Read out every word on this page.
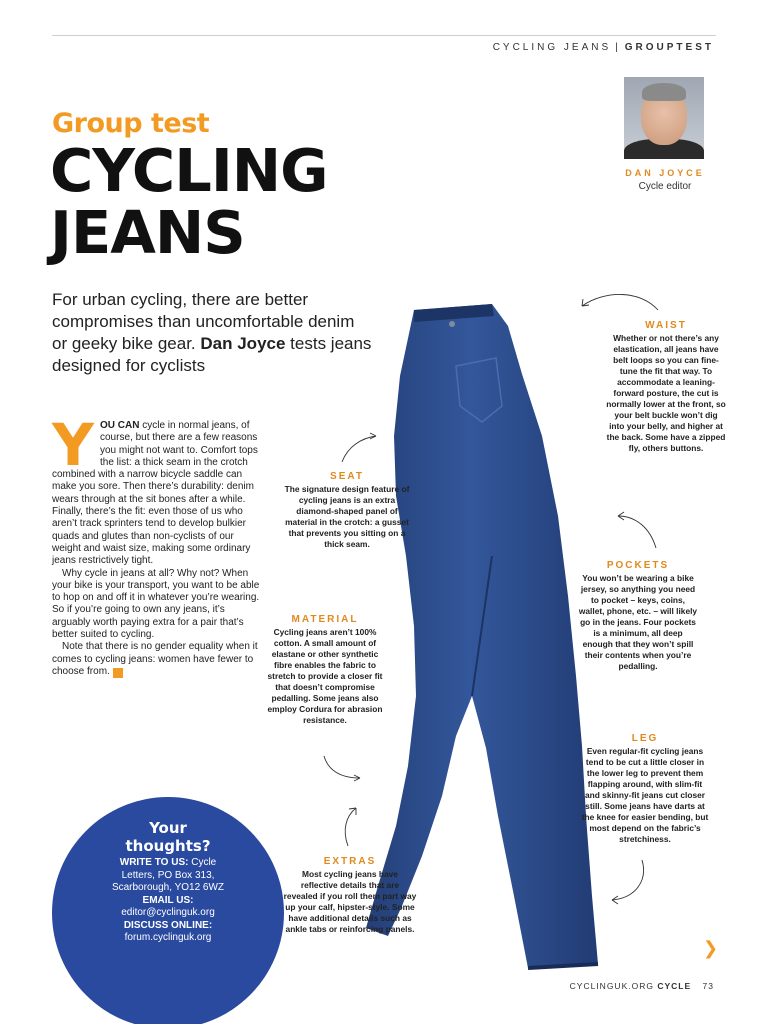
CYCLING JEANS | GROUPTEST
DAN JOYCE
Cycle editor
Group test
CYCLING
JEANS
For urban cycling, there are better compromises than uncomfortable denim or geeky bike gear. Dan Joyce tests jeans designed for cyclists

YOU CAN cycle in normal jeans, of course, but there are a few reasons you might not want to. Comfort tops the list: a thick seam in the crotch combined with a narrow bicycle saddle can make you sore. Then there’s durability: denim wears through at the sit bones after a while. Finally, there’s the fit: even those of us who aren’t track sprinters tend to develop bulkier quads and glutes than non-cyclists of our weight and waist size, making some ordinary jeans restrictively tight.

Why cycle in jeans at all? Why not? When your bike is your transport, you want to be able to hop on and off it in whatever you’re wearing. So if you’re going to own any jeans, it’s arguably worth paying extra for a pair that’s better suited to cycling.

Note that there is no gender equality when it comes to cycling jeans: women have fewer to choose from. C

Your
thoughts?
WRITE TO US: Cycle
Letters, PO Box 313,
Scarborough, YO12 6WZ
EMAIL US:
editor@cyclinguk.org
DISCUSS ONLINE:
forum.cyclinguk.org
WAIST
Whether or not there’s any elastication, all jeans have belt loops so you can fine-tune the fit that way. To accommodate a leaning-forward posture, the cut is normally lower at the front, so your belt buckle won’t dig into your belly, and higher at the back. Some have a zipped fly, others buttons.
SEAT
The signature design feature of cycling jeans is an extra diamond-shaped panel of material in the crotch: a gusset that prevents you sitting on a thick seam.
POCKETS
You won’t be wearing a bike jersey, so anything you need to pocket – keys, coins, wallet, phone, etc. – will likely go in the jeans. Four pockets is a minimum, all deep enough that they won’t spill their contents when you’re pedalling.
MATERIAL
Cycling jeans aren’t 100% cotton. A small amount of elastane or other synthetic fibre enables the fabric to stretch to provide a closer fit that doesn’t compromise pedalling. Some jeans also employ Cordura for abrasion resistance.
LEG
Even regular-fit cycling jeans tend to be cut a little closer in the lower leg to prevent them flapping around, with slim-fit and skinny-fit jeans cut closer still. Some jeans have darts at the knee for easier bending, but most depend on the fabric’s stretchiness.
EXTRAS
Most cycling jeans have reflective details that are revealed if you roll them part way up your calf, hipster-style. Some have additional details such as ankle tabs or reinforcing panels.
❯
CYCLINGUK.ORG CYCLE 73
